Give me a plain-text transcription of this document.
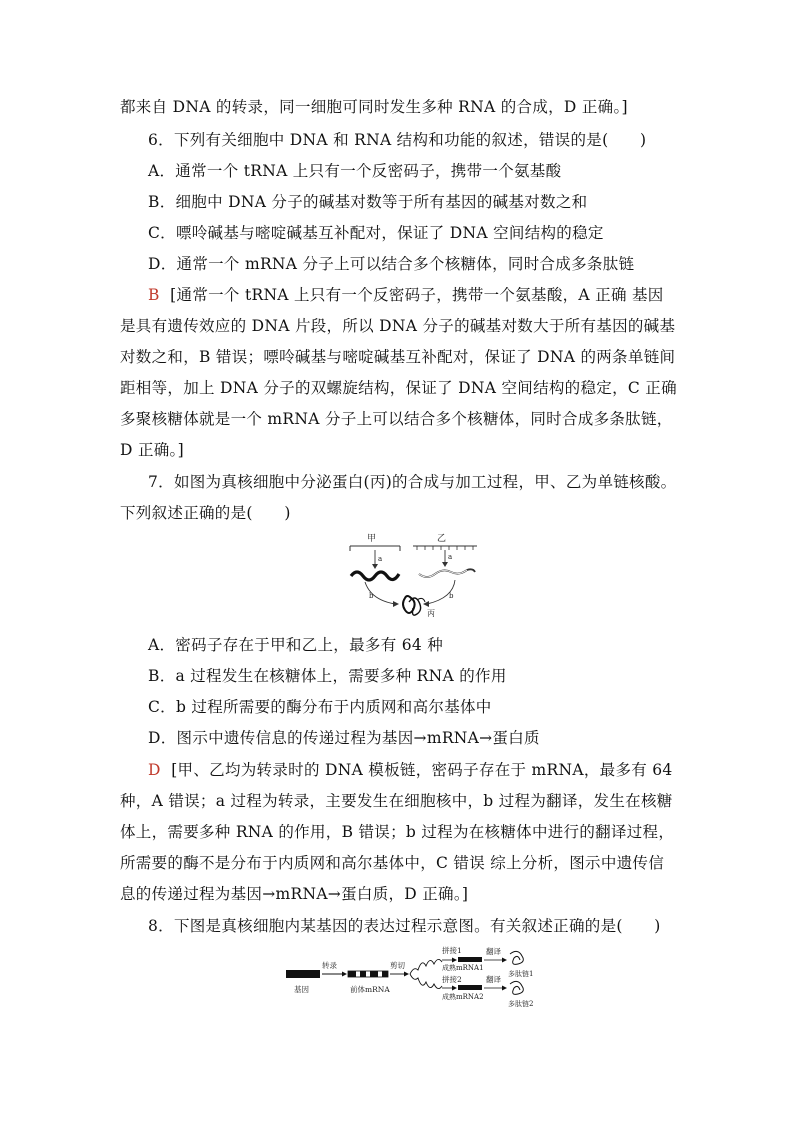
都来自 DNA 的转录，同一细胞可同时发生多种 RNA 的合成，D 正确。]
6．下列有关细胞中 DNA 和 RNA 结构和功能的叙述，错误的是(　　)
A．通常一个 tRNA 上只有一个反密码子，携带一个氨基酸
B．细胞中 DNA 分子的碱基对数等于所有基因的碱基对数之和
C．嘌呤碱基与嘧啶碱基互补配对，保证了 DNA 空间结构的稳定
D．通常一个 mRNA 分子上可以结合多个核糖体，同时合成多条肽链
B [通常一个 tRNA 上只有一个反密码子，携带一个氨基酸，A 正确 基因
是具有遗传效应的 DNA 片段，所以 DNA 分子的碱基对数大于所有基因的碱基
对数之和，B 错误；嘌呤碱基与嘧啶碱基互补配对，保证了 DNA 的两条单链间
距相等，加上 DNA 分子的双螺旋结构，保证了 DNA 空间结构的稳定，C 正确
多聚核糖体就是一个 mRNA 分子上可以结合多个核糖体，同时合成多条肽链，
D 正确。]
7．如图为真核细胞中分泌蛋白(丙)的合成与加工过程，甲、乙为单链核酸。
下列叙述正确的是(　　)
甲	乙
a	a
b	b
丙
A．密码子存在于甲和乙上，最多有 64 种
B．a 过程发生在核糖体上，需要多种 RNA 的作用
C．b 过程所需要的酶分布于内质网和高尔基体中
D．图示中遗传信息的传递过程为基因→mRNA→蛋白质
D [甲、乙均为转录时的 DNA 模板链，密码子存在于 mRNA，最多有 64
种，A 错误；a 过程为转录，主要发生在细胞核中，b 过程为翻译，发生在核糖
体上，需要多种 RNA 的作用，B 错误；b 过程为在核糖体中进行的翻译过程，
所需要的酶不是分布于内质网和高尔基体中，C 错误 综上分析，图示中遗传信
息的传递过程为基因→mRNA→蛋白质，D 正确。]
8．下图是真核细胞内某基因的表达过程示意图。有关叙述正确的是(　　)
基因
转录
前体mRNA
剪切
拼接1
成熟mRNA1
翻译
多肽链1
拼接2
成熟mRNA2
翻译
多肽链2
